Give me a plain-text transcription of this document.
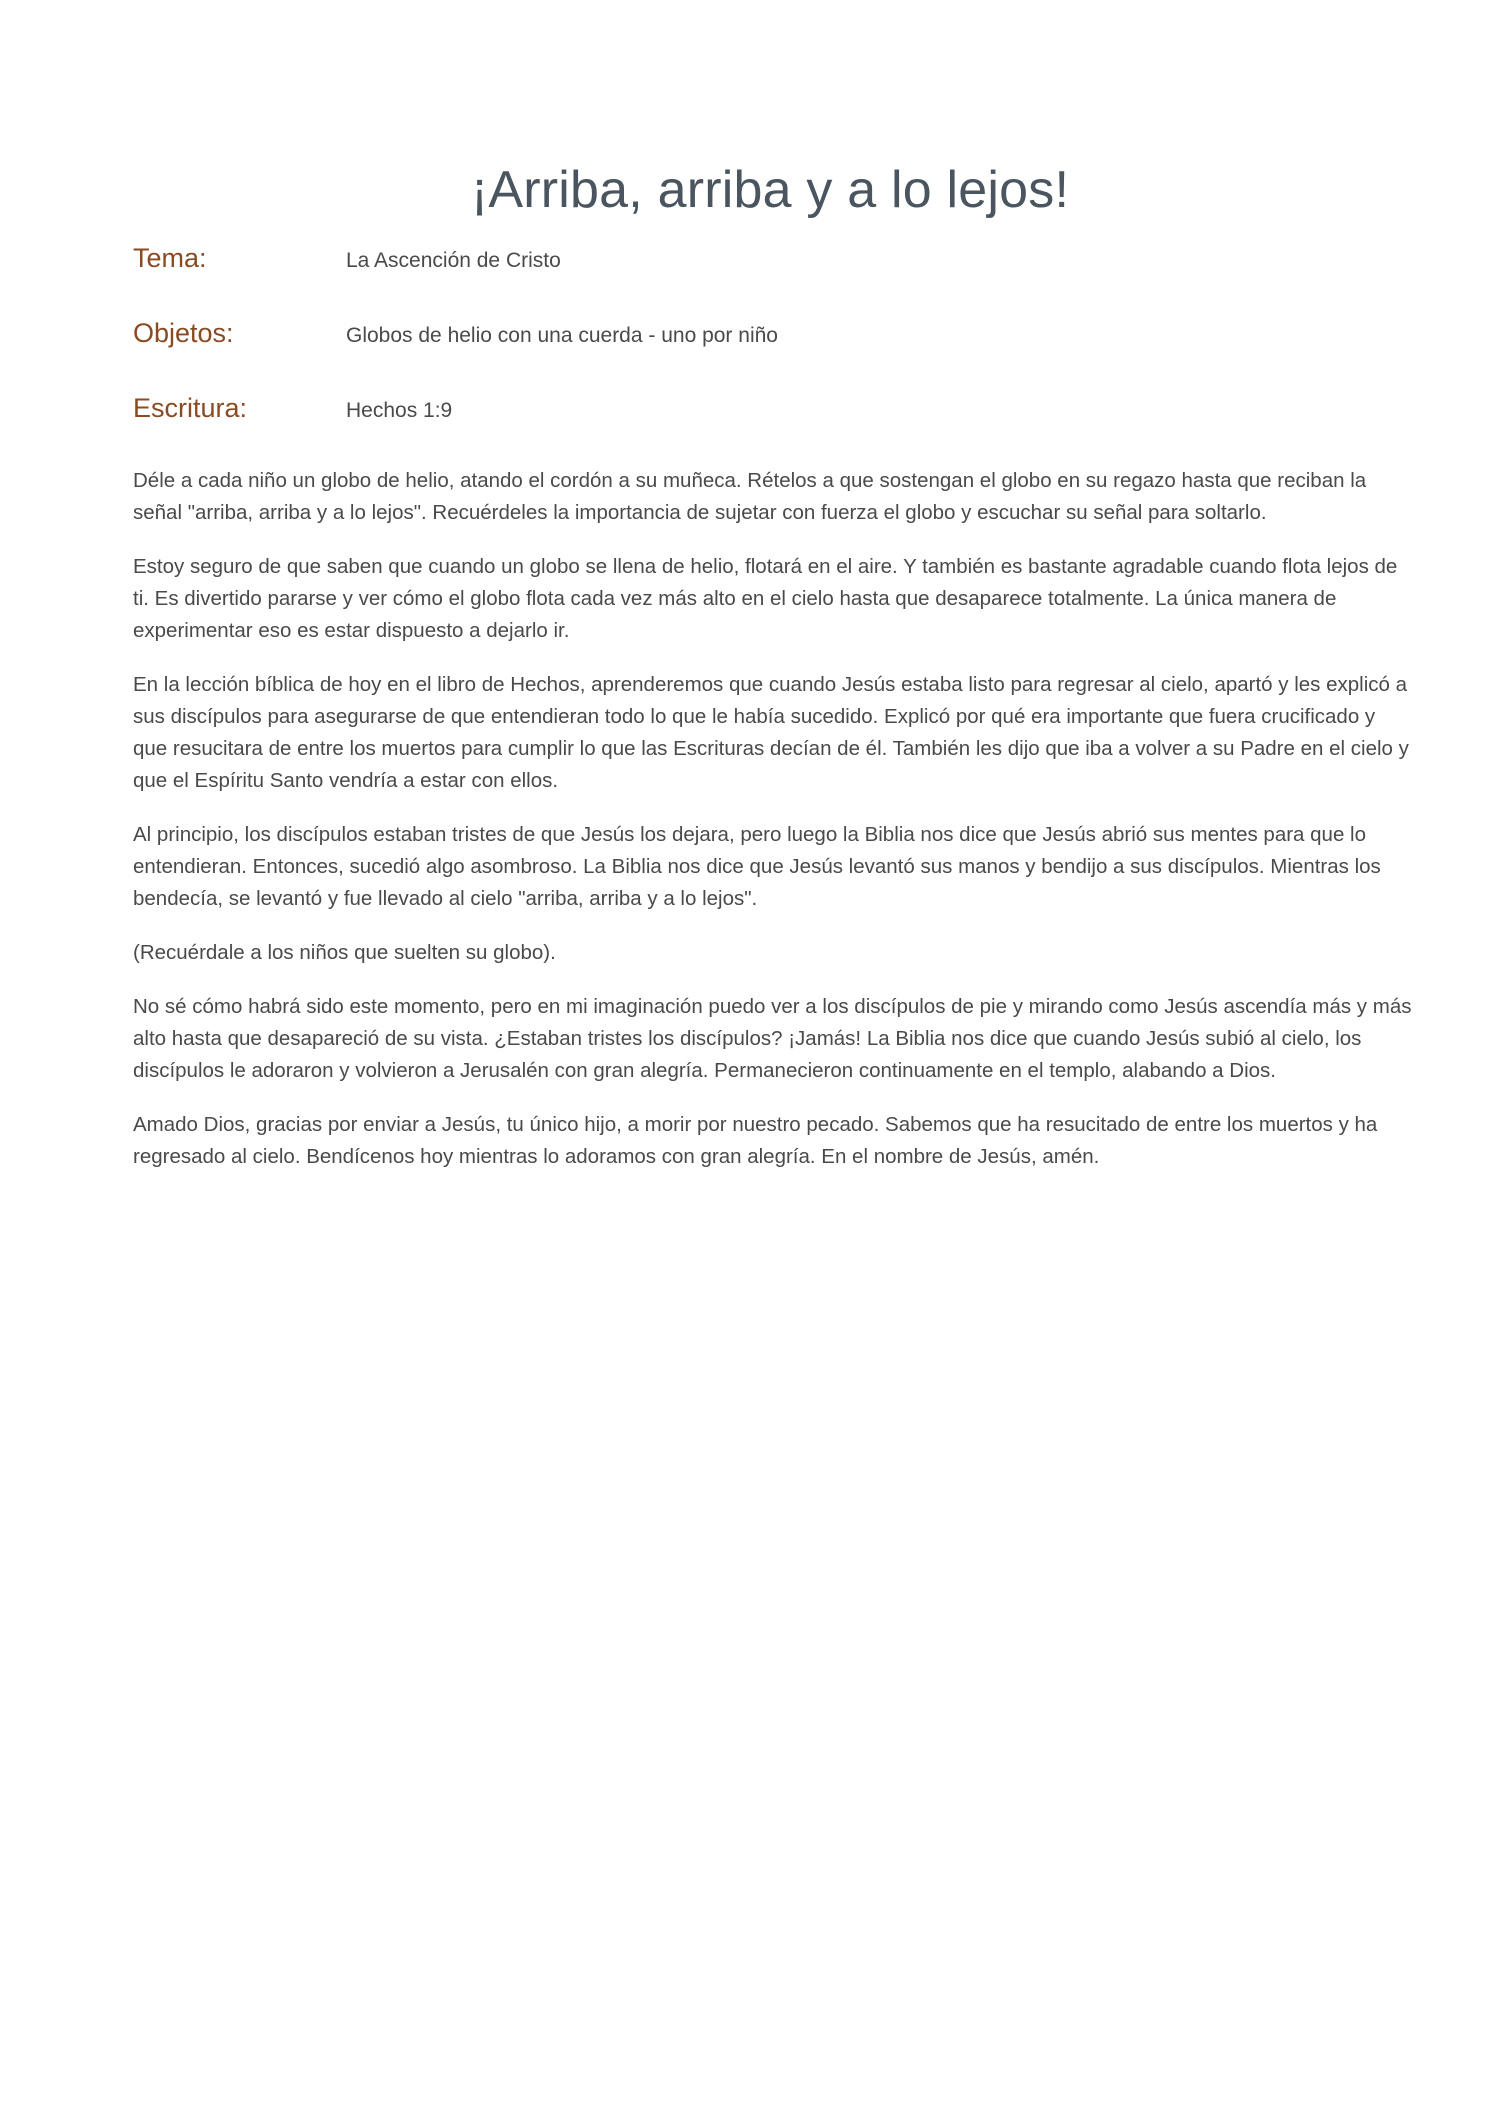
¡Arriba, arriba y a lo lejos!
Tema:	La Ascención de Cristo
Objetos:	Globos de helio con una cuerda - uno por niño
Escritura:	Hechos 1:9

Déle a cada niño un globo de helio, atando el cordón a su muñeca. Rételos a que sostengan el globo en su regazo hasta que reciban la señal "arriba, arriba y a lo lejos". Recuérdeles la importancia de sujetar con fuerza el globo y escuchar su señal para soltarlo.

Estoy seguro de que saben que cuando un globo se llena de helio, flotará en el aire. Y también es bastante agradable cuando flota lejos de ti. Es divertido pararse y ver cómo el globo flota cada vez más alto en el cielo hasta que desaparece totalmente. La única manera de experimentar eso es estar dispuesto a dejarlo ir.

En la lección bíblica de hoy en el libro de Hechos, aprenderemos que cuando Jesús estaba listo para regresar al cielo, apartó y les explicó a sus discípulos para asegurarse de que entendieran todo lo que le había sucedido. Explicó por qué era importante que fuera crucificado y que resucitara de entre los muertos para cumplir lo que las Escrituras decían de él. También les dijo que iba a volver a su Padre en el cielo y que el Espíritu Santo vendría a estar con ellos.

Al principio, los discípulos estaban tristes de que Jesús los dejara, pero luego la Biblia nos dice que Jesús abrió sus mentes para que lo entendieran. Entonces, sucedió algo asombroso. La Biblia nos dice que Jesús levantó sus manos y bendijo a sus discípulos. Mientras los bendecía, se levantó y fue llevado al cielo "arriba, arriba y a lo lejos".

(Recuérdale a los niños que suelten su globo).

No sé cómo habrá sido este momento, pero en mi imaginación puedo ver a los discípulos de pie y mirando como Jesús ascendía más y más alto hasta que desapareció de su vista. ¿Estaban tristes los discípulos? ¡Jamás! La Biblia nos dice que cuando Jesús subió al cielo, los discípulos le adoraron y volvieron a Jerusalén con gran alegría. Permanecieron continuamente en el templo, alabando a Dios.

Amado Dios, gracias por enviar a Jesús, tu único hijo, a morir por nuestro pecado. Sabemos que ha resucitado de entre los muertos y ha regresado al cielo. Bendícenos hoy mientras lo adoramos con gran alegría. En el nombre de Jesús, amén.
